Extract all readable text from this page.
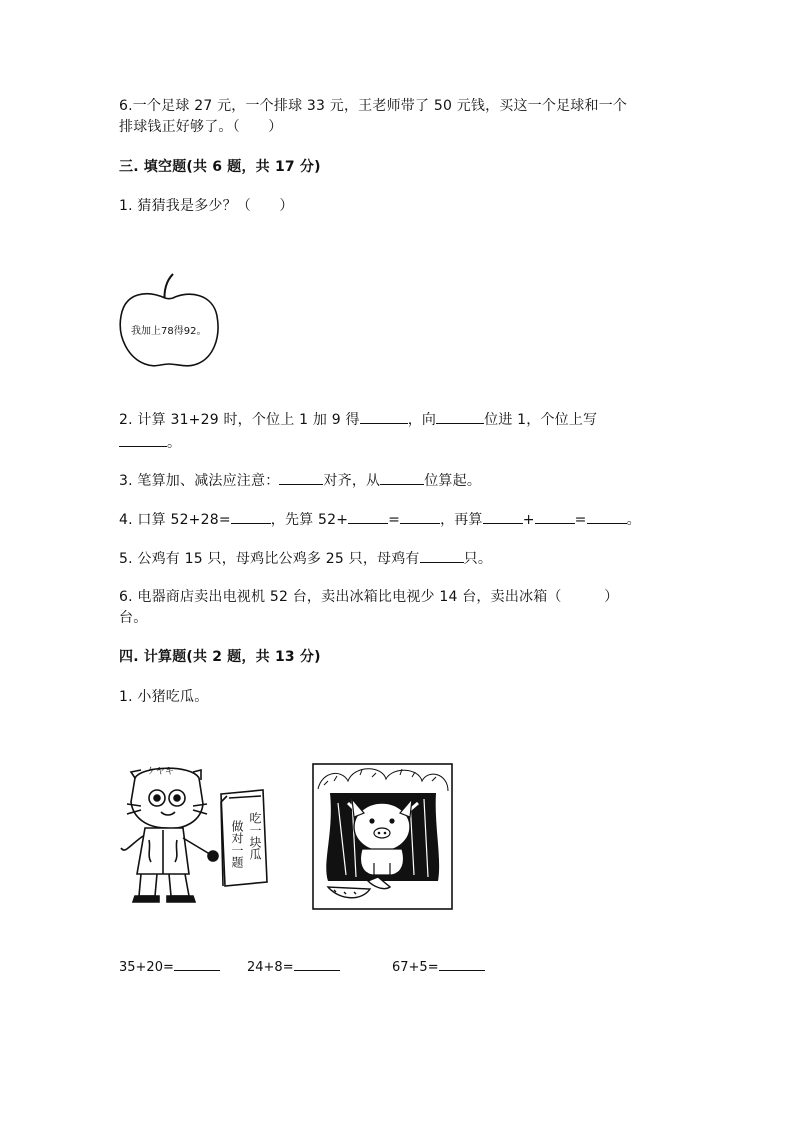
6.一个足球 27 元，一个排球 33 元，王老师带了 50 元钱，买这一个足球和一个
排球钱正好够了。（　　）
三. 填空题(共 6 题，共 17 分)
1. 猜猜我是多少？（　　）
我加上78得92。
2. 计算 31+29 时，个位上 1 加 9 得	，向	位进 1，个位上写
。
3. 笔算加、减法应注意：	对齐，从	位算起。
4. 口算 52+28=	，先算 52+	=	，再算	+	=	。
5. 公鸡有 15 只，母鸡比公鸡多 25 只，母鸡有	只。
6. 电器商店卖出电视机 52 台，卖出冰箱比电视少 14 台，卖出冰箱（　　　）
台。
四. 计算题(共 2 题，共 13 分)
1. 小猪吃瓜。
做对一题 吃一块瓜
ケヤキ
35+20=	24+8=	67+5=
